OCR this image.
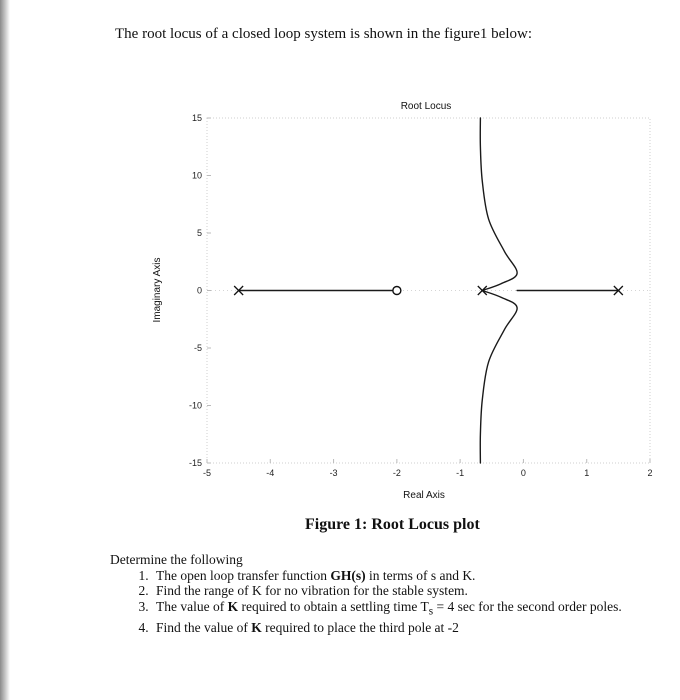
The root locus of a closed loop system is shown in the figure1 below:
15
10
5
0
-5
-10
-15
-5	-4	-3	-2	-1	0	1	2
Root Locus
Real Axis
Imaginary Axis
Figure 1: Root Locus plot
Determine the following
1. The open loop transfer function GH(s) in terms of s and K.
2. Find the range of K for no vibration for the stable system.
3. The value of K required to obtain a settling time $T_s = 4$ sec for the second order poles.
4. Find the value of K required to place the third pole at -2
